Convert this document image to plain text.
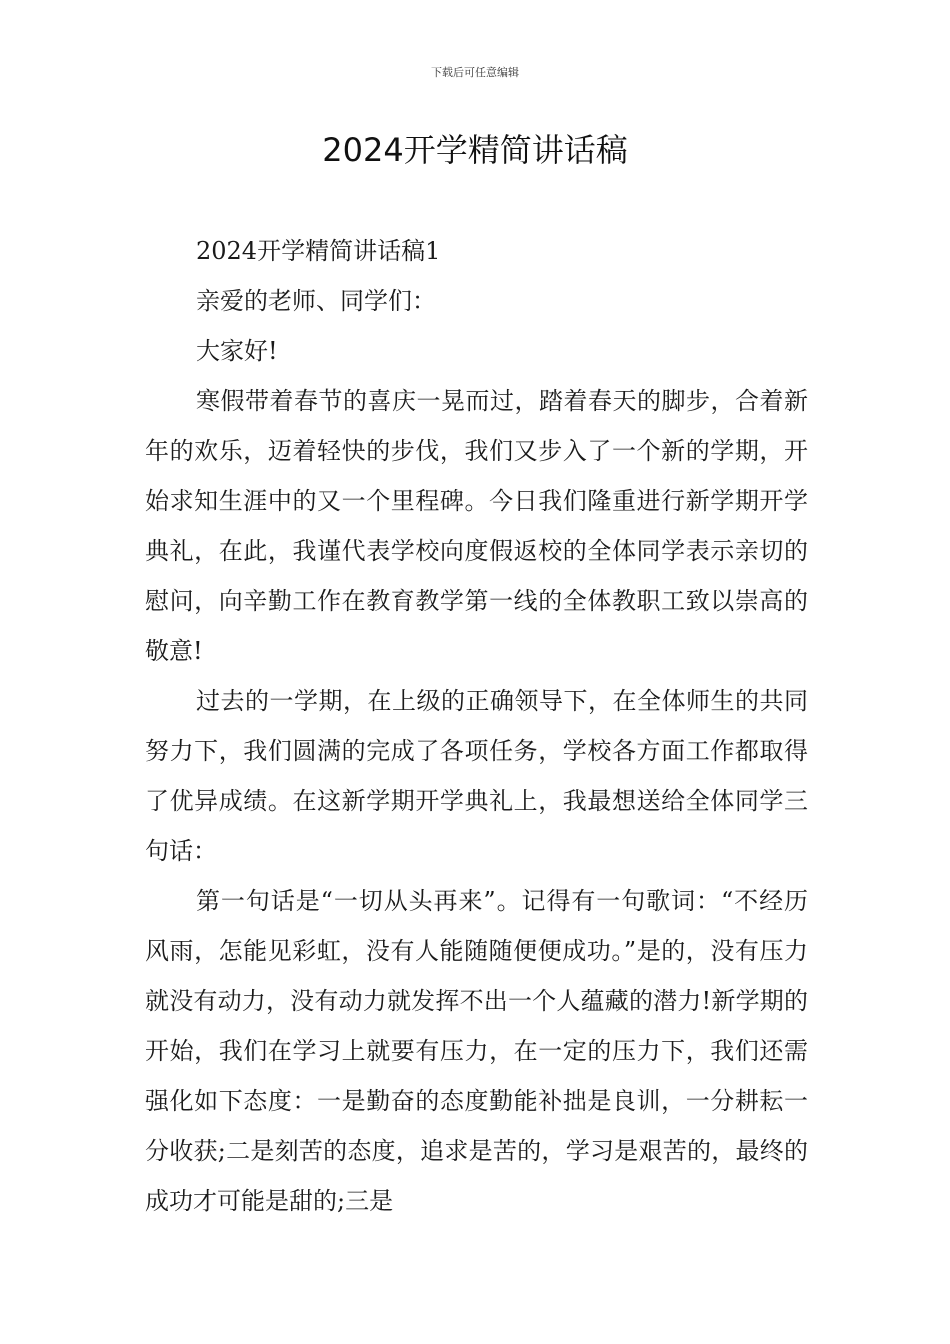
下载后可任意编辑
2024开学精简讲话稿

2024开学精简讲话稿1

亲爱的老师、同学们：

大家好!

寒假带着春节的喜庆一晃而过，踏着春天的脚步，合着新年的欢乐，迈着轻快的步伐，我们又步入了一个新的学期，开始求知生涯中的又一个里程碑。今日我们隆重进行新学期开学典礼，在此，我谨代表学校向度假返校的全体同学表示亲切的慰问，向辛勤工作在教育教学第一线的全体教职工致以崇高的敬意!

过去的一学期，在上级的正确领导下，在全体师生的共同努力下，我们圆满的完成了各项任务，学校各方面工作都取得了优异成绩。在这新学期开学典礼上，我最想送给全体同学三句话：

第一句话是“一切从头再来”。记得有一句歌词：“不经历风雨，怎能见彩虹，没有人能随随便便成功。”是的，没有压力就没有动力，没有动力就发挥不出一个人蕴藏的潜力!新学期的开始，我们在学习上就要有压力，在一定的压力下，我们还需强化如下态度：一是勤奋的态度勤能补拙是良训，一分耕耘一分收获;二是刻苦的态度，追求是苦的，学习是艰苦的，最终的成功才可能是甜的;三是
